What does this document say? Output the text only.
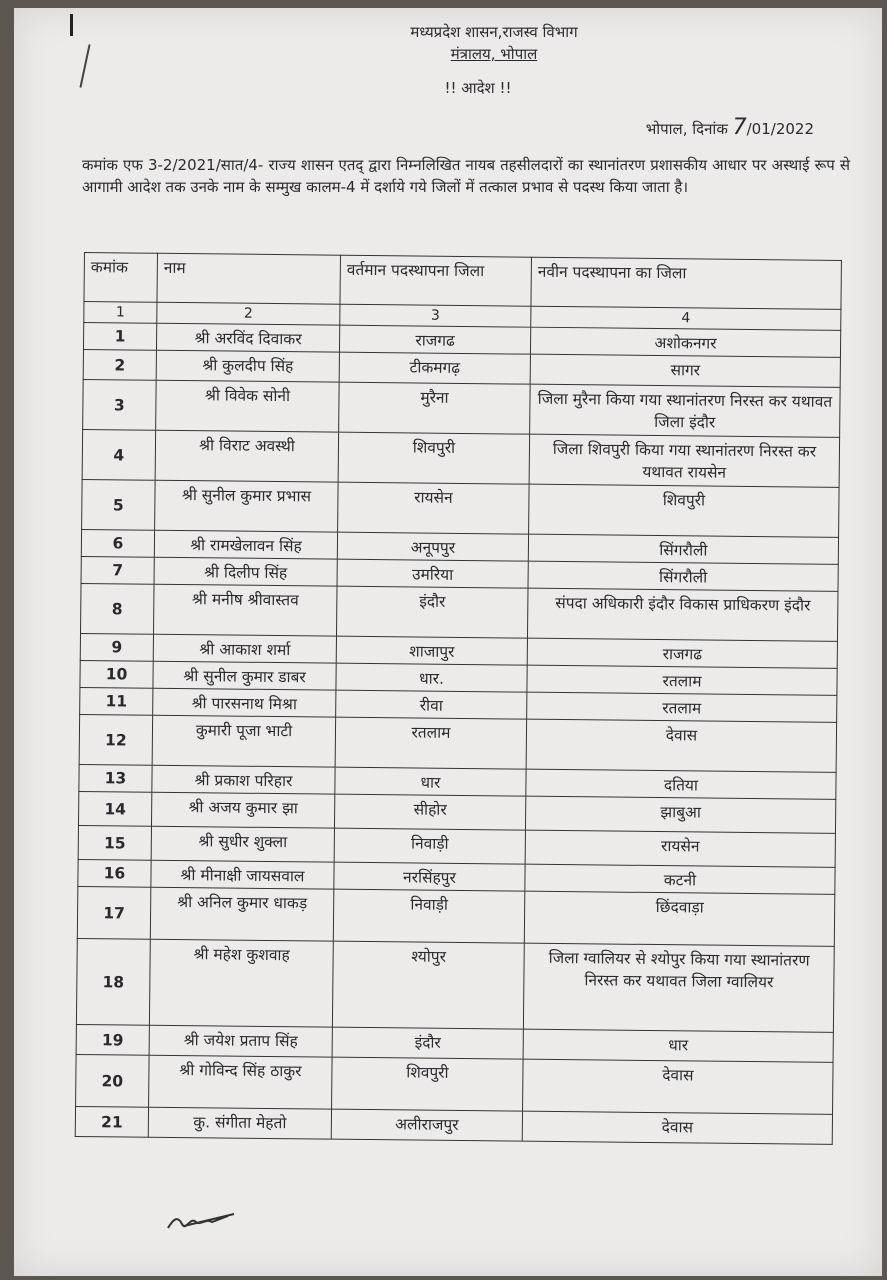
मध्यप्रदेश शासन,राजस्व विभाग
मंत्रालय, भोपाल
!! आदेश !!
भोपाल, दिनांक 7/01/2022
कमांक एफ 3-2/2021/सात/4- राज्य शासन एतद् द्वारा निम्नलिखित नायब तहसीलदारों का स्थानांतरण प्रशासकीय आधार पर अस्थाई रूप से आगामी आदेश तक उनके नाम के सम्मुख कालम-4 में दर्शाये गये जिलों में तत्काल प्रभाव से पदस्थ किया जाता है।
कमांक	नाम	वर्तमान पदस्थापना जिला	नवीन पदस्थापना का जिला
1	2	3	4
1	श्री अरविंद दिवाकर	राजगढ	अशोकनगर
2	श्री कुलदीप सिंह	टीकमगढ़	सागर
3	श्री विवेक सोनी	मुरैना	जिला मुरैना किया गया स्थानांतरण निरस्त कर यथावत जिला इंदौर
4	श्री विराट अवस्थी	शिवपुरी	जिला शिवपुरी किया गया स्थानांतरण निरस्त कर यथावत रायसेन
5	श्री सुनील कुमार प्रभास	रायसेन	शिवपुरी
6	श्री रामखेलावन सिंह	अनूपपुर	सिंगरौली
7	श्री दिलीप सिंह	उमरिया	सिंगरौली
8	श्री मनीष श्रीवास्तव	इंदौर	संपदा अधिकारी इंदौर विकास प्राधिकरण इंदौर
9	श्री आकाश शर्मा	शाजापुर	राजगढ
10	श्री सुनील कुमार डाबर	धार.	रतलाम
11	श्री पारसनाथ मिश्रा	रीवा	रतलाम
12	कुमारी पूजा भाटी	रतलाम	देवास
13	श्री प्रकाश परिहार	धार	दतिया
14	श्री अजय कुमार झा	सीहोर	झाबुआ
15	श्री सुधीर शुक्ला	निवाड़ी	रायसेन
16	श्री मीनाक्षी जायसवाल	नरसिंहपुर	कटनी
17	श्री अनिल कुमार धाकड़	निवाड़ी	छिंदवाड़ा
18	श्री महेश कुशवाह	श्योपुर	जिला ग्वालियर से श्योपुर किया गया स्थानांतरण निरस्त कर यथावत जिला ग्वालियर
19	श्री जयेश प्रताप सिंह	इंदौर	धार
20	श्री गोविन्द सिंह ठाकुर	शिवपुरी	देवास
21	कु. संगीता मेहतो	अलीराजपुर	देवास
